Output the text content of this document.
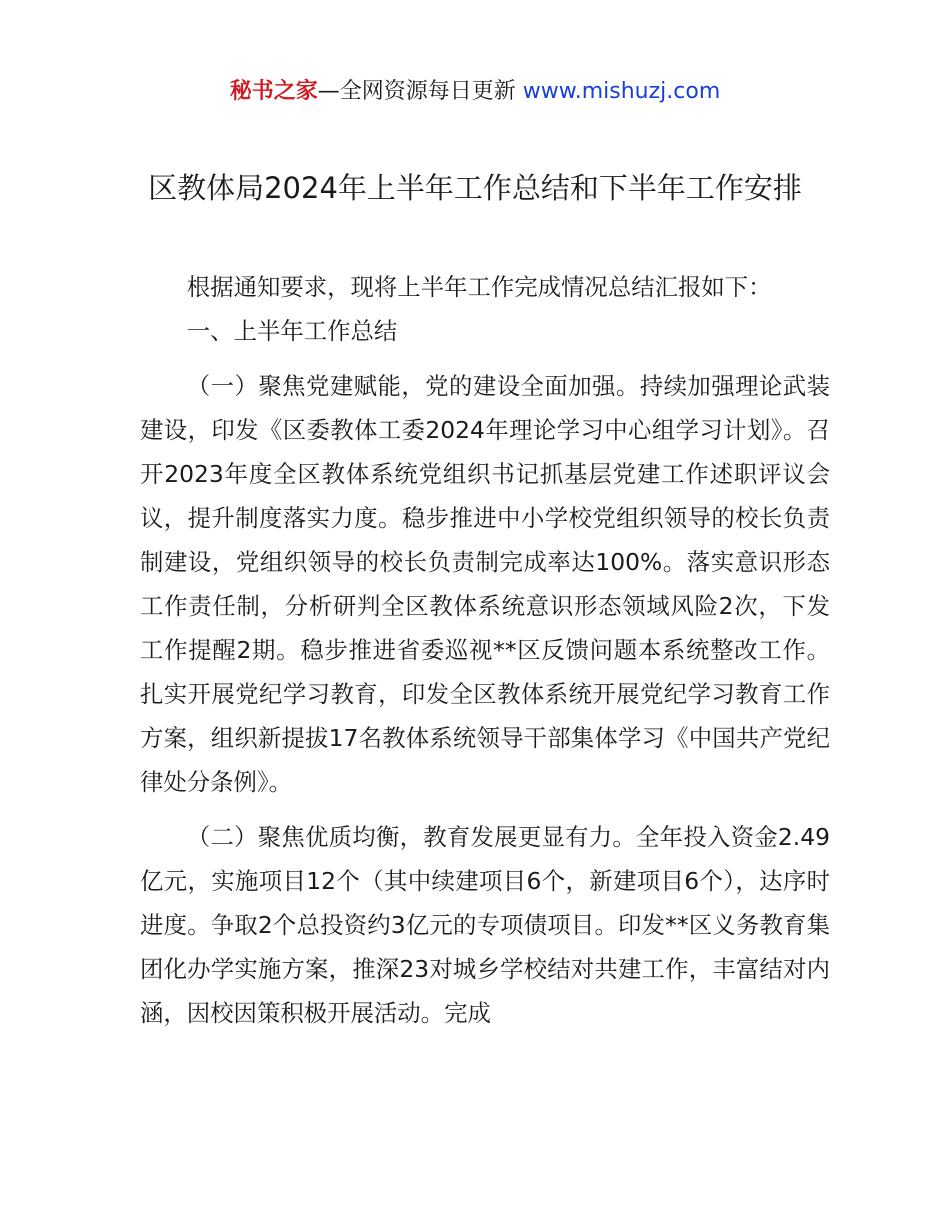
秘书之家—全网资源每日更新 www.mishuzj.com
区教体局2024年上半年工作总结和下半年工作安排

根据通知要求，现将上半年工作完成情况总结汇报如下：

一、上半年工作总结

（一）聚焦党建赋能，党的建设全面加强。持续加强理论武装建设，印发《区委教体工委2024年理论学习中心组学习计划》。召开2023年度全区教体系统党组织书记抓基层党建工作述职评议会议，提升制度落实力度。稳步推进中小学校党组织领导的校长负责制建设，党组织领导的校长负责制完成率达100%。落实意识形态工作责任制，分析研判全区教体系统意识形态领域风险2次，下发工作提醒2期。稳步推进省委巡视**区反馈问题本系统整改工作。扎实开展党纪学习教育，印发全区教体系统开展党纪学习教育工作方案，组织新提拔17名教体系统领导干部集体学习《中国共产党纪律处分条例》。

（二）聚焦优质均衡，教育发展更显有力。全年投入资金2.49亿元，实施项目12个（其中续建项目6个，新建项目6个），达序时进度。争取2个总投资约3亿元的专项债项目。印发**区义务教育集团化办学实施方案，推深23对城乡学校结对共建工作，丰富结对内涵，因校因策积极开展活动。完成
